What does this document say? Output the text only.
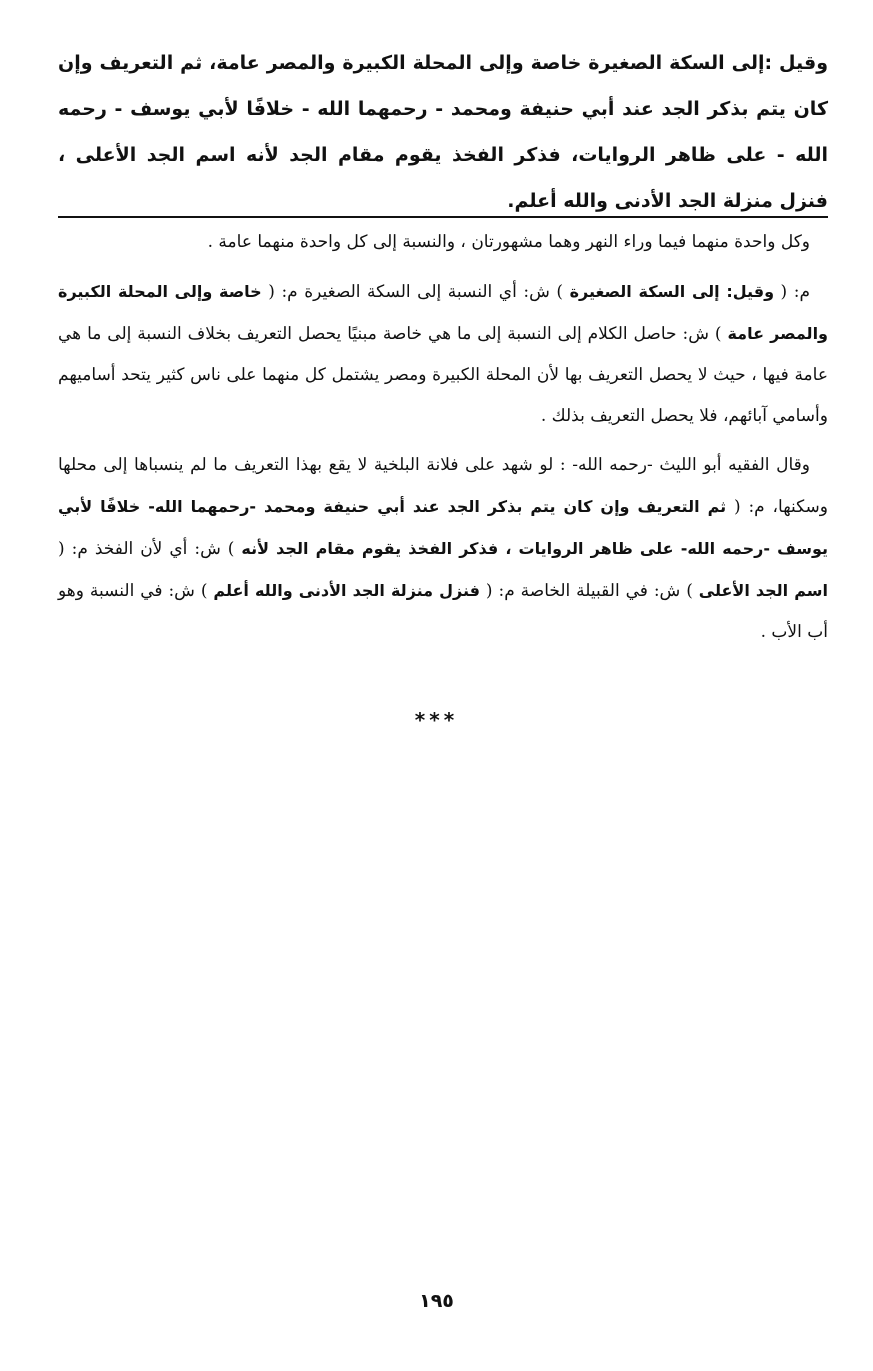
وقيل :إلى السكة الصغيرة خاصة وإلى المحلة الكبيرة والمصر عامة، ثم التعريف وإن كان يتم بذكر الجد عند أبي حنيفة ومحمد - رحمهما الله - خلافًا لأبي يوسف - رحمه الله - على ظاهر الروايات، فذكر الفخذ يقوم مقام الجد لأنه اسم الجد الأعلى ، فنزل منزلة الجد الأدنى والله أعلم.

وكل واحدة منهما فيما وراء النهر وهما مشهورتان ، والنسبة إلى كل واحدة منهما عامة .

م: ( وقيل: إلى السكة الصغيرة ) ش: أي النسبة إلى السكة الصغيرة م: ( خاصة وإلى المحلة الكبيرة والمصر عامة ) ش: حاصل الكلام إلى النسبة إلى ما هي خاصة مبنيًا يحصل التعريف بخلاف النسبة إلى ما هي عامة فيها ، حيث لا يحصل التعريف بها لأن المحلة الكبيرة ومصر يشتمل كل منهما على ناس كثير يتحد أساميهم وأسامي آبائهم، فلا يحصل التعريف بذلك .

وقال الفقيه أبو الليث -رحمه الله- : لو شهد على فلانة البلخية لا يقع بهذا التعريف ما لم ينسباها إلى محلها وسكنها، م: ( ثم التعريف وإن كان يتم بذكر الجد عند أبي حنيفة ومحمد -رحمهما الله- خلافًا لأبي يوسف -رحمه الله- على ظاهر الروايات ، فذكر الفخذ يقوم مقام الجد لأنه ) ش: أي لأن الفخذ م: ( اسم الجد الأعلى ) ش: في القبيلة الخاصة م: ( فنزل منزلة الجد الأدنى والله أعلم ) ش: في النسبة وهو أب الأب .

***
١٩٥
